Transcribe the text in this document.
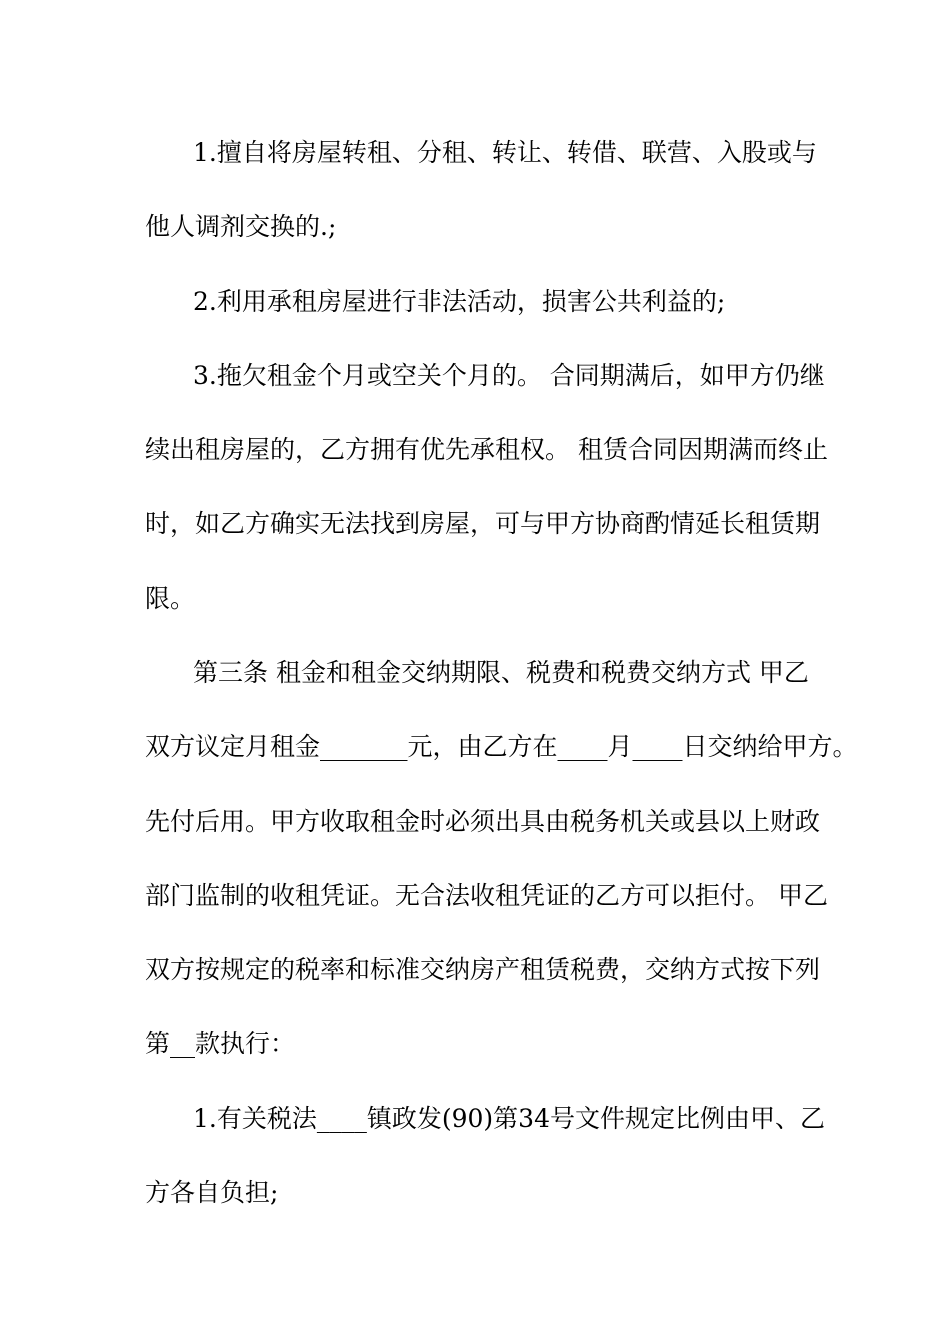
1.擅自将房屋转租、分租、转让、转借、联营、入股或与
他人调剂交换的.;
2.利用承租房屋进行非法活动，损害公共利益的;
3.拖欠租金个月或空关个月的。 合同期满后，如甲方仍继
续出租房屋的，乙方拥有优先承租权。 租赁合同因期满而终止
时，如乙方确实无法找到房屋，可与甲方协商酌情延长租赁期
限。
第三条 租金和租金交纳期限、税费和税费交纳方式 甲乙
双方议定月租金_______元，由乙方在____月____日交纳给甲方。
先付后用。甲方收取租金时必须出具由税务机关或县以上财政
部门监制的收租凭证。无合法收租凭证的乙方可以拒付。 甲乙
双方按规定的税率和标准交纳房产租赁税费，交纳方式按下列
第__款执行：
1.有关税法____镇政发(90)第34号文件规定比例由甲、乙
方各自负担;
